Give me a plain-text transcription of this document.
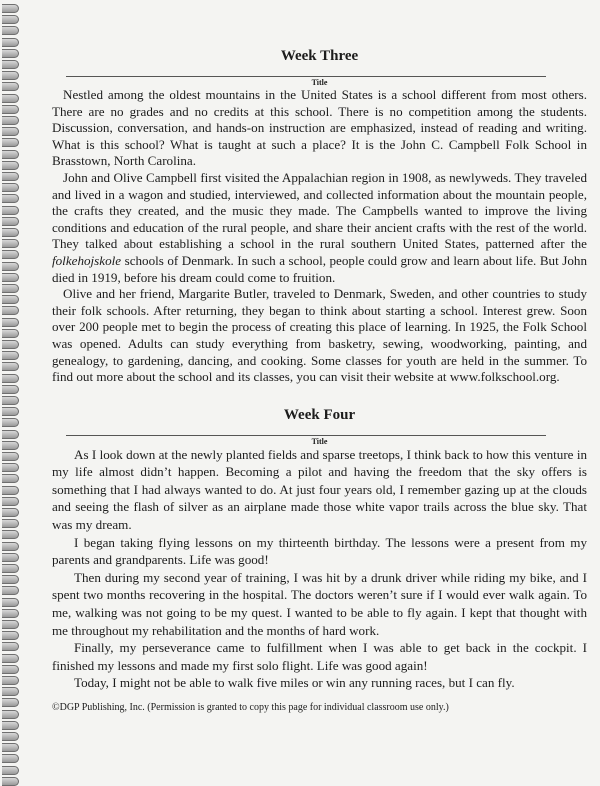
Week Three
Title

Nestled among the oldest mountains in the United States is a school different from most others. There are no grades and no credits at this school. There is no competition among the students. Discussion, conversation, and hands-on instruction are emphasized, instead of reading and writing. What is this school? What is taught at such a place? It is the John C. Campbell Folk School in Brasstown, North Carolina.

John and Olive Campbell first visited the Appalachian region in 1908, as newlyweds. They traveled and lived in a wagon and studied, interviewed, and collected information about the mountain people, the crafts they created, and the music they made. The Campbells wanted to improve the living conditions and education of the rural people, and share their ancient crafts with the rest of the world. They talked about establishing a school in the rural southern United States, patterned after the folkehojskole schools of Denmark. In such a school, people could grow and learn about life. But John died in 1919, before his dream could come to fruition.

Olive and her friend, Margarite Butler, traveled to Denmark, Sweden, and other countries to study their folk schools. After returning, they began to think about starting a school. Interest grew. Soon over 200 people met to begin the process of creating this place of learning. In 1925, the Folk School was opened. Adults can study everything from basketry, sewing, woodworking, painting, and genealogy, to gardening, dancing, and cooking. Some classes for youth are held in the summer. To find out more about the school and its classes, you can visit their website at www.folkschool.org.

Week Four
Title

As I look down at the newly planted fields and sparse treetops, I think back to how this venture in my life almost didn’t happen. Becoming a pilot and having the freedom that the sky offers is something that I had always wanted to do. At just four years old, I remember gazing up at the clouds and seeing the flash of silver as an airplane made those white vapor trails across the blue sky. That was my dream.

I began taking flying lessons on my thirteenth birthday. The lessons were a present from my parents and grandparents. Life was good!

Then during my second year of training, I was hit by a drunk driver while riding my bike, and I spent two months recovering in the hospital. The doctors weren’t sure if I would ever walk again. To me, walking was not going to be my quest. I wanted to be able to fly again. I kept that thought with me throughout my rehabilitation and the months of hard work.

Finally, my perseverance came to fulfillment when I was able to get back in the cockpit. I finished my lessons and made my first solo flight. Life was good again!

Today, I might not be able to walk five miles or win any running races, but I can fly.

©DGP Publishing, Inc. (Permission is granted to copy this page for individual classroom use only.)
